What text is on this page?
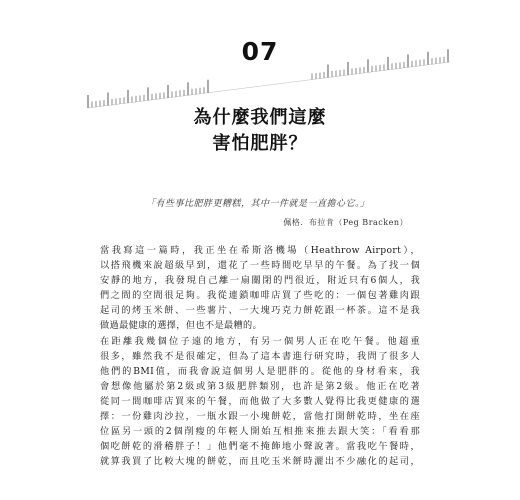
07
為什麼我們這麼
害怕肥胖？
「有些事比肥胖更糟糕，其中一件就是一直擔心它。」
佩格．布拉肯（Peg Bracken）
當我寫這一篇時，我正坐在希斯洛機場（Heathrow Airport），
以搭飛機來說超級早到，還花了一些時間吃早早的午餐。為了找一個
安靜的地方，我發現自己離一扇關閉的門很近，附近只有6個人，我
們之間的空間很足夠。我從連鎖咖啡店買了些吃的：一個包著雞肉跟
起司的烤玉米餅、一些薯片、一大塊巧克力餅乾跟一杯茶。這不是我
做過最健康的選擇，但也不是最糟的。
在距離我幾個位子遠的地方，有另一個男人正在吃午餐。他超重
很多，雖然我不是很確定，但為了這本書進行研究時，我問了很多人
他們的BMI值，而我會說這個男人是肥胖的。從他的身材看來，我
會想像他屬於第2級或第3級肥胖類別，也許是第2級。他正在吃著
從同一間咖啡店買來的午餐，而他做了大多數人覺得比我更健康的選
擇：一份雞肉沙拉，一瓶水跟一小塊餅乾，當他打開餅乾時，坐在座
位區另一頭的2個削瘦的年輕人開始互相推來推去跟大笑：「看看那
個吃餅乾的滑稽胖子！」他們毫不掩飾地小聲說著。當我吃午餐時，
就算我買了比較大塊的餅乾，而且吃玉米餅時灑出不少融化的起司，
